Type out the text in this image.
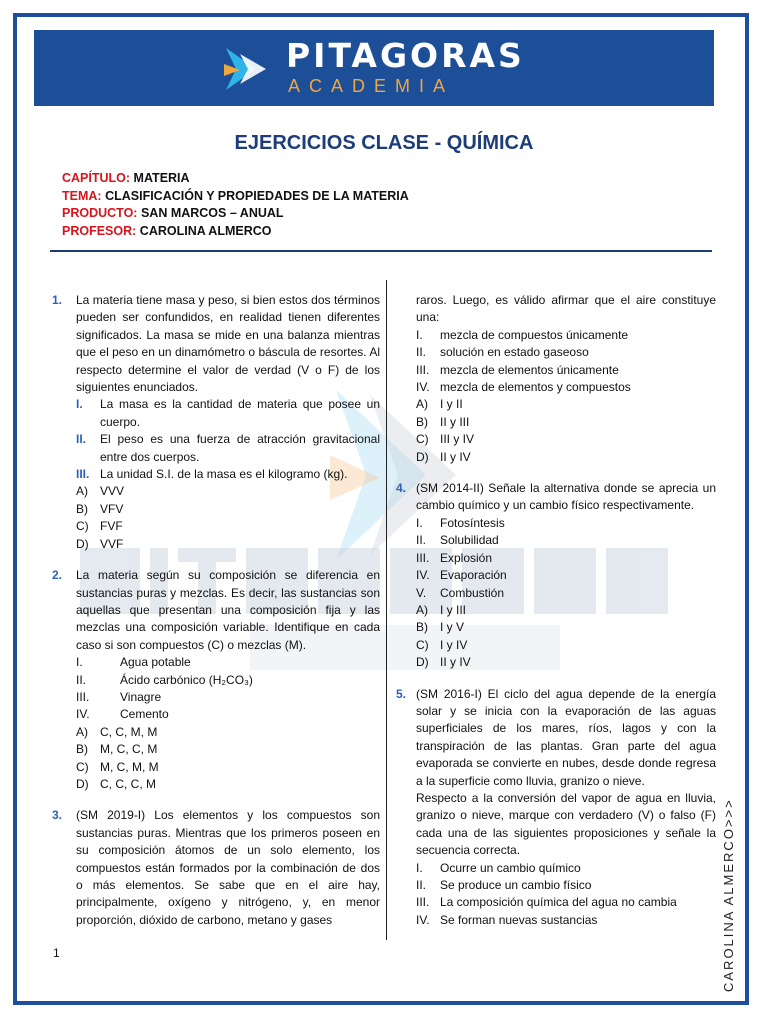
PITAGORAS
ACADEMIA
EJERCICIOS CLASE - QUÍMICA
CAPÍTULO: MATERIA
TEMA: CLASIFICACIÓN Y PROPIEDADES DE LA MATERIA
PRODUCTO: SAN MARCOS – ANUAL
PROFESOR: CAROLINA ALMERCO
1. La materia tiene masa y peso, si bien estos dos términos pueden ser confundidos, en realidad tienen diferentes significados. La masa se mide en una balanza mientras que el peso en un dinamómetro o báscula de resortes. Al respecto determine el valor de verdad (V o F) de los siguientes enunciados.
I.	La masa es la cantidad de materia que posee un cuerpo.
II.	El peso es una fuerza de atracción gravitacional entre dos cuerpos.
III. La unidad S.I. de la masa es el kilogramo (kg).
A)	VVV
B)	VFV
C) FVF
D) VVF
2. La materia según su composición se diferencia en sustancias puras y mezclas. Es decir, las sustancias son aquellas que presentan una composición fija y las mezclas una composición variable. Identifique en cada caso si son compuestos (C) o mezclas (M).
I.	Agua potable
II.	Ácido carbónico (H₂CO₃)
III.	Vinagre
IV.	Cemento
A)	C, C, M, M
B)	M, C, C, M
C) M, C, M, M
D) C, C, C, M
3. (SM 2019-I) Los elementos y los compuestos son sustancias puras. Mientras que los primeros poseen en su composición átomos de un solo elemento, los compuestos están formados por la combinación de dos o más elementos. Se sabe que en el aire hay, principalmente, oxígeno y nitrógeno, y, en menor proporción, dióxido de carbono, metano y gases
raros. Luego, es válido afirmar que el aire constituye una:
I.	mezcla de compuestos únicamente
II.	solución en estado gaseoso
III. mezcla de elementos únicamente
IV. mezcla de elementos y compuestos
A)	I y II
B)	II y III
C) III y IV
D) II y IV
4. (SM 2014-II) Señale la alternativa donde se aprecia un cambio químico y un cambio físico respectivamente.
I.	Fotosíntesis
II.	Solubilidad
III. Explosión
IV. Evaporación
V.	Combustión
A)	I y III
B)	I y V
C) I y IV
D) II y IV
5. (SM 2016-I) El ciclo del agua depende de la energía solar y se inicia con la evaporación de las aguas superficiales de los mares, ríos, lagos y con la transpiración de las plantas. Gran parte del agua evaporada se convierte en nubes, desde donde regresa a la superficie como lluvia, granizo o nieve.
Respecto a la conversión del vapor de agua en lluvia, granizo o nieve, marque con verdadero (V) o falso (F) cada una de las siguientes proposiciones y señale la secuencia correcta.
I.	Ocurre un cambio químico
II.	Se produce un cambio físico
III. La composición química del agua no cambia
IV. Se forman nuevas sustancias
1	CAROLINA ALMERCO>>>
